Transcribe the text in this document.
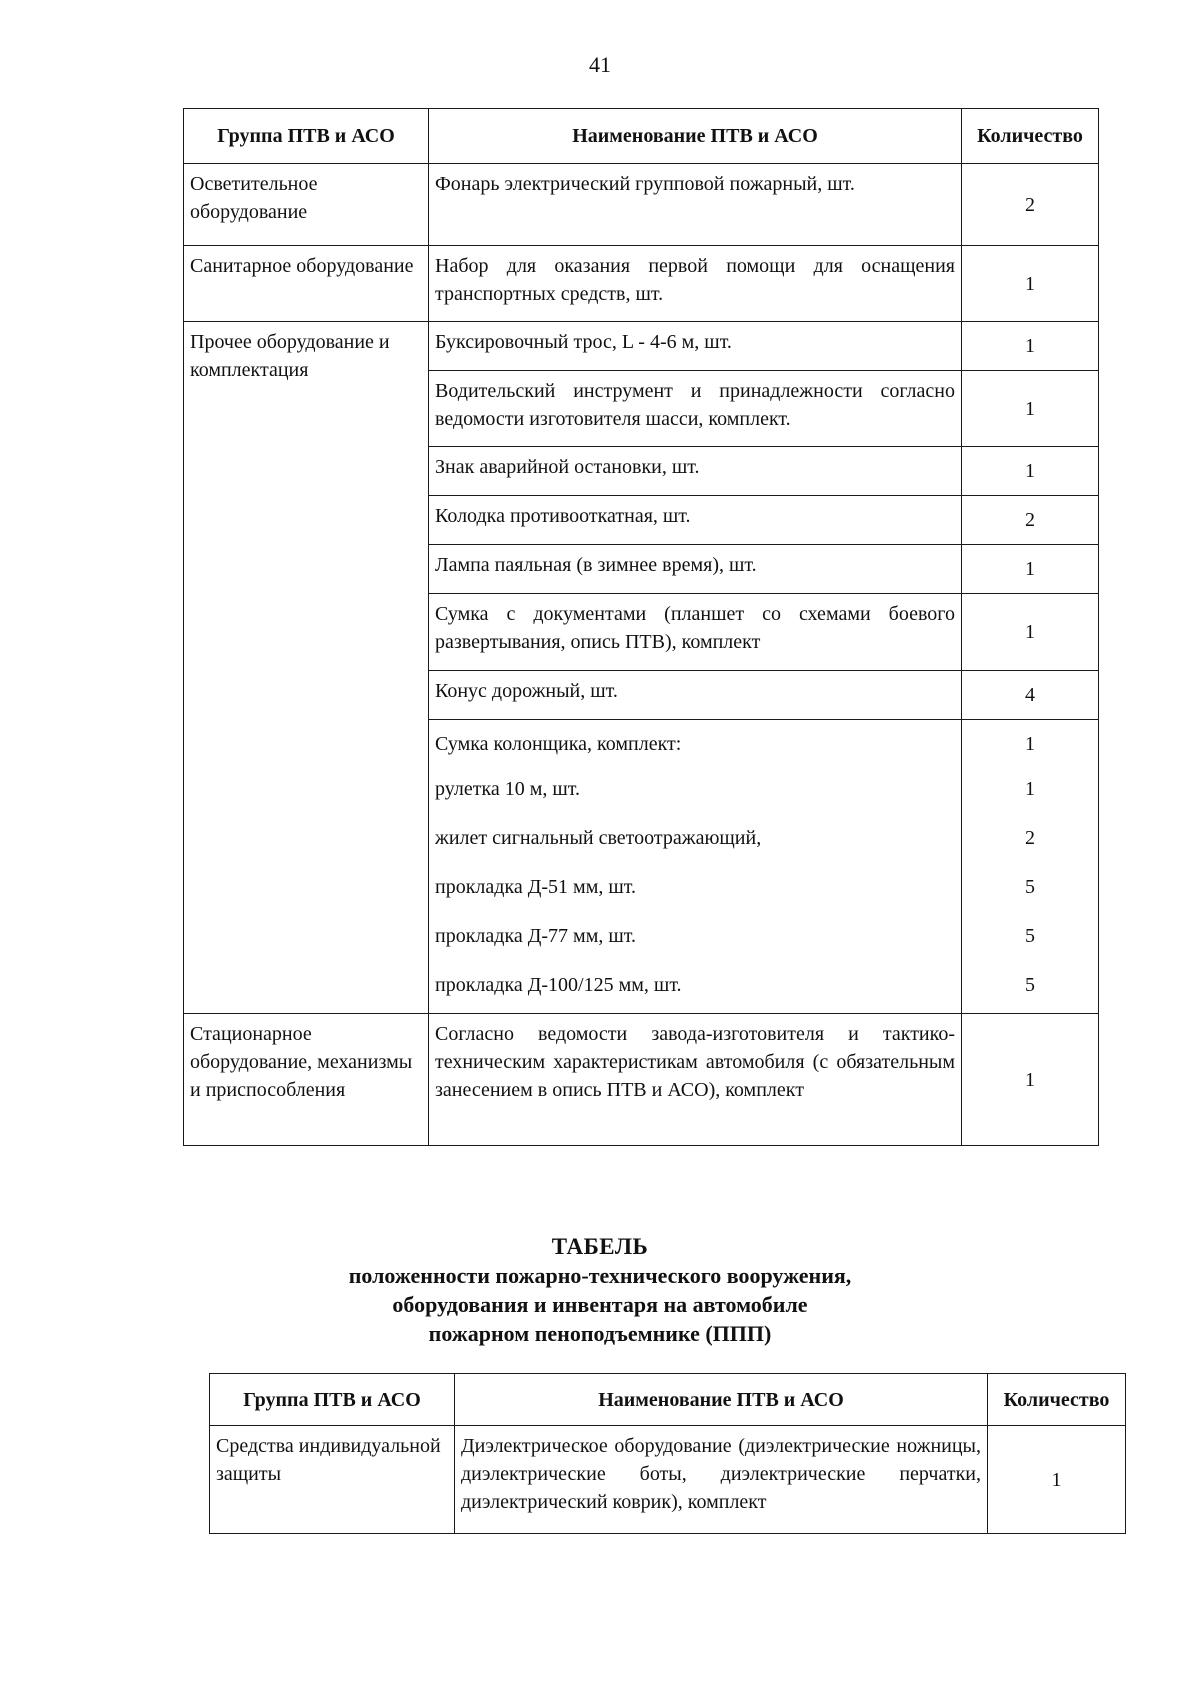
41
Группа ПТВ и АСО	Наименование ПТВ и АСО	Количество
Осветительное оборудование	Фонарь электрический групповой пожарный, шт.	2
Санитарное оборудование	Набор для оказания первой помощи для оснащения транспортных средств, шт.	1
Прочее оборудование и комплектация	Буксировочный трос, L - 4-6 м, шт.	1
	Водительский инструмент и принадлежности согласно ведомости изготовителя шасси, комплект.	1
	Знак аварийной остановки, шт.	1
	Колодка противооткатная, шт.	2
	Лампа паяльная (в зимнее время), шт.	1
	Сумка с документами (планшет со схемами боевого развертывания, опись ПТВ), комплект	1
	Конус дорожный, шт.	4
	Сумка колонщика, комплект:	1
	рулетка 10 м, шт.	1
	жилет сигнальный светоотражающий,	2
	прокладка Д-51 мм, шт.	5
	прокладка Д-77 мм, шт.	5
	прокладка Д-100/125 мм, шт.	5
Стационарное оборудование, механизмы и приспособления	Согласно ведомости завода-изготовителя и тактико-техническим характеристикам автомобиля (с обязательным занесением в опись ПТВ и АСО), комплект	1
ТАБЕЛЬ
положенности пожарно-технического вооружения,
оборудования и инвентаря на автомобиле
пожарном пеноподъемнике (ППП)
Группа ПТВ и АСО	Наименование ПТВ и АСО	Количество
Средства индивидуальной защиты	Диэлектрическое оборудование (диэлектрические ножницы, диэлектрические боты, диэлектрические перчатки, диэлектрический коврик), комплект	1
